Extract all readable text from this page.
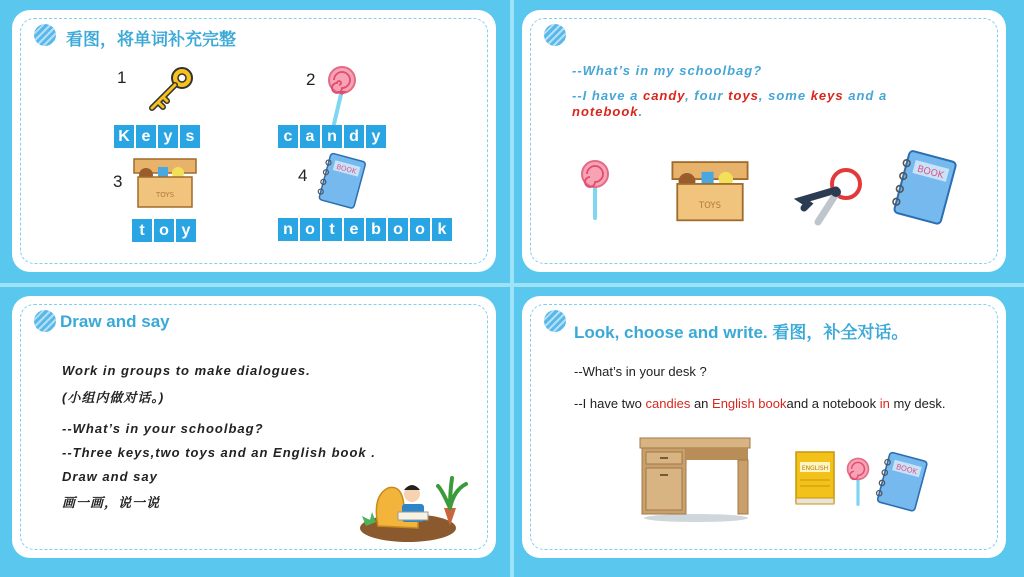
看图，将单词补充完整
1
K e y s
2
c a n d y
3
TOYS
t o y
4	BOOK
n o t e b o o k
--What’s in my schoolbag?
--I have a candy, four toys, some keys and a
notebook.
TOYS
BOOK
Draw and say
Work in groups to make dialogues.
(小组内做对话。)
--What’s in your schoolbag?
--Three keys,two toys and an English book .
Draw and say
画一画，说一说
Look, choose and write. 看图，补全对话。
--What’s in your desk ?
--I have two candies an English bookand a notebook in my desk.
ENGLISH	BOOK
